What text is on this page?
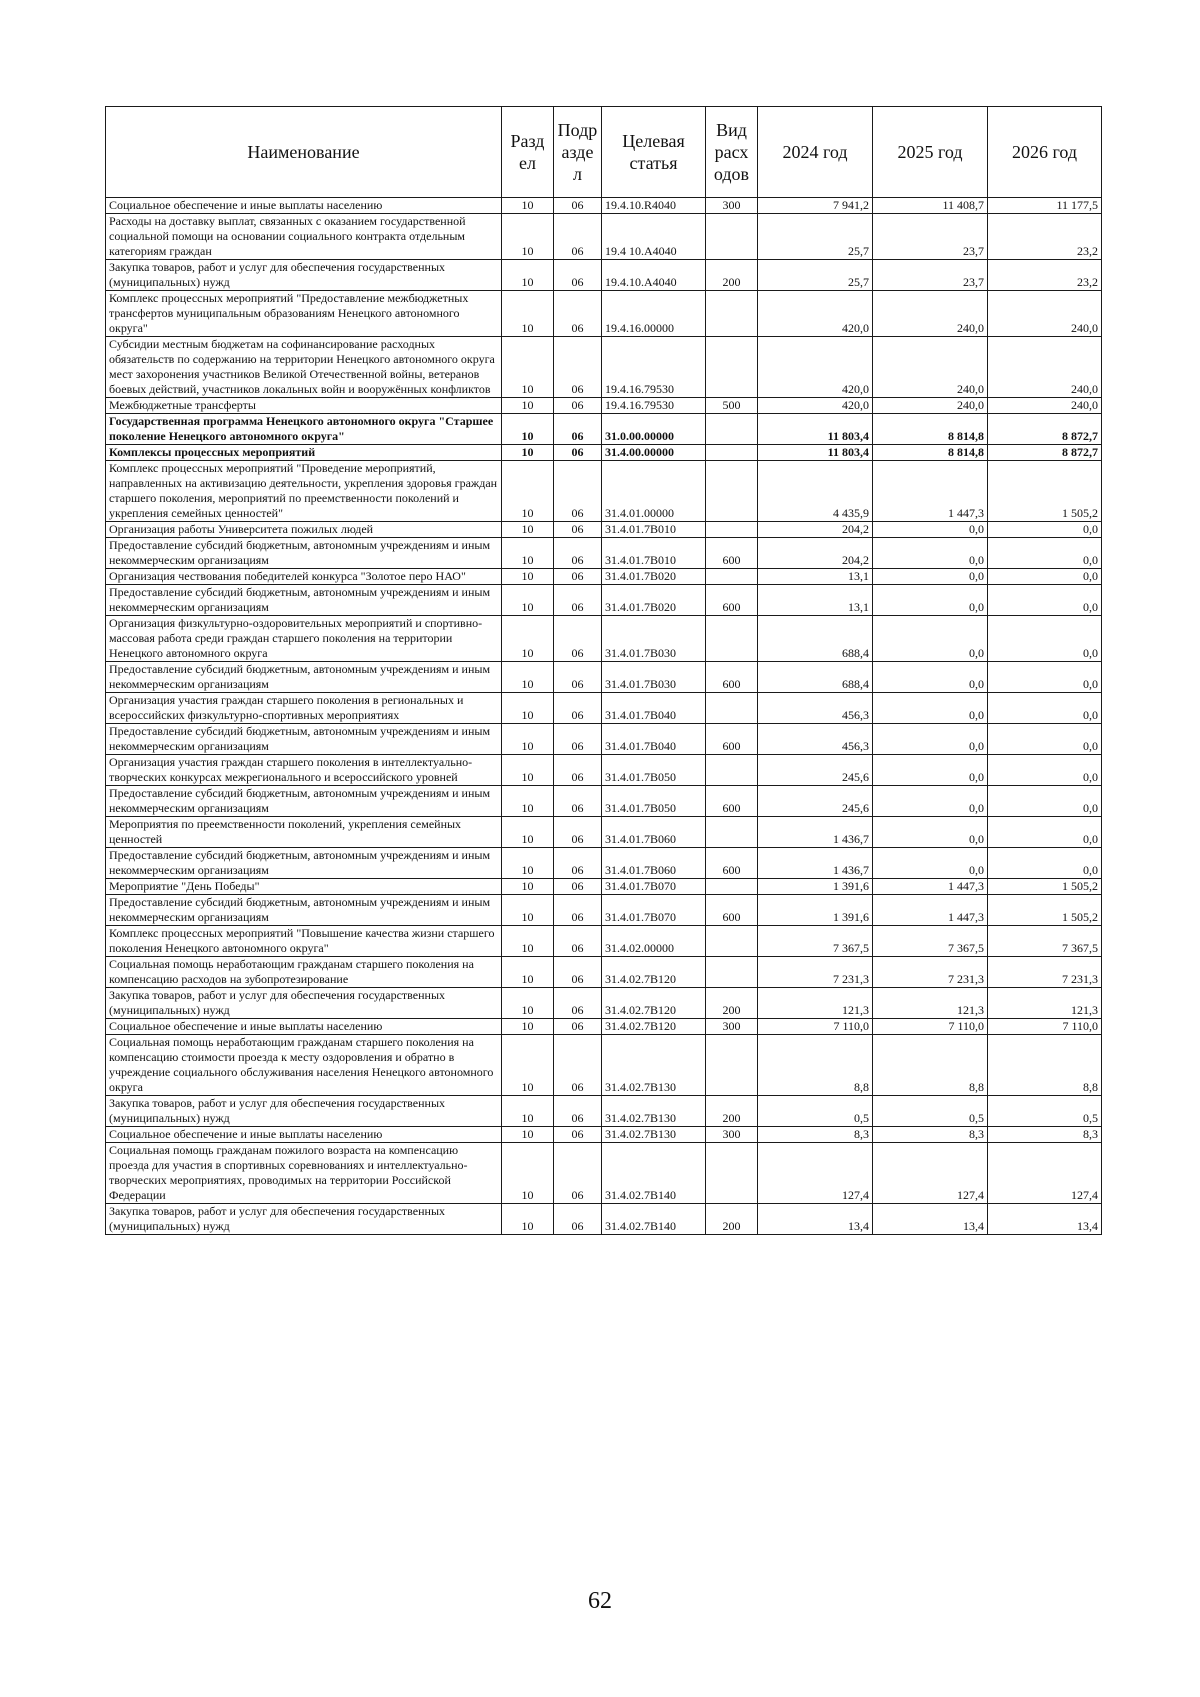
Наименование	Разд ел	Подр азде л	Целевая статья	Вид расх одов	2024 год	2025 год	2026 год
Социальное обеспечение и иные выплаты населению	10	06	19.4.10.R4040	300	7 941,2	11 408,7	11 177,5
Расходы на доставку выплат, связанных с оказанием государственной социальной помощи на основании социального контракта отдельным категориям граждан	10	06	19.4 10.A4040		25,7	23,7	23,2
Закупка товаров, работ и услуг для обеспечения государственных (муниципальных) нужд	10	06	19.4.10.A4040	200	25,7	23,7	23,2
Комплекс процессных мероприятий "Предоставление межбюджетных трансфертов муниципальным образованиям Ненецкого автономного округа"	10	06	19.4.16.00000		420,0	240,0	240,0
Субсидии местным бюджетам на софинансирование расходных обязательств по содержанию на территории Ненецкого автономного округа мест захоронения участников Великой Отечественной войны, ветеранов боевых действий, участников локальных войн и вооружённых конфликтов	10	06	19.4.16.79530		420,0	240,0	240,0
Межбюджетные трансферты	10	06	19.4.16.79530	500	420,0	240,0	240,0
Государственная программа Ненецкого автономного округа "Старшее поколение Ненецкого автономного округа"	10	06	31.0.00.00000		11 803,4	8 814,8	8 872,7
Комплексы процессных мероприятий	10	06	31.4.00.00000		11 803,4	8 814,8	8 872,7
Комплекс процессных мероприятий "Проведение мероприятий, направленных на активизацию деятельности, укрепления здоровья граждан старшего поколения, мероприятий по преемственности поколений и укрепления семейных ценностей"	10	06	31.4.01.00000		4 435,9	1 447,3	1 505,2
Организация работы Университета пожилых людей	10	06	31.4.01.7B010		204,2	0,0	0,0
Предоставление субсидий бюджетным, автономным учреждениям и иным некоммерческим организациям	10	06	31.4.01.7B010	600	204,2	0,0	0,0
Организация чествования победителей конкурса "Золотое перо НАО"	10	06	31.4.01.7B020		13,1	0,0	0,0
Предоставление субсидий бюджетным, автономным учреждениям и иным некоммерческим организациям	10	06	31.4.01.7B020	600	13,1	0,0	0,0
Организация физкультурно-оздоровительных мероприятий и спортивно-массовая работа среди граждан старшего поколения на территории Ненецкого автономного округа	10	06	31.4.01.7B030		688,4	0,0	0,0
Предоставление субсидий бюджетным, автономным учреждениям и иным некоммерческим организациям	10	06	31.4.01.7B030	600	688,4	0,0	0,0
Организация участия граждан старшего поколения в региональных и всероссийских физкультурно-спортивных мероприятиях	10	06	31.4.01.7B040		456,3	0,0	0,0
Предоставление субсидий бюджетным, автономным учреждениям и иным некоммерческим организациям	10	06	31.4.01.7B040	600	456,3	0,0	0,0
Организация участия граждан старшего поколения в интеллектуально-творческих конкурсах межрегионального и всероссийского уровней	10	06	31.4.01.7B050		245,6	0,0	0,0
Предоставление субсидий бюджетным, автономным учреждениям и иным некоммерческим организациям	10	06	31.4.01.7B050	600	245,6	0,0	0,0
Мероприятия по преемственности поколений, укрепления семейных ценностей	10	06	31.4.01.7B060		1 436,7	0,0	0,0
Предоставление субсидий бюджетным, автономным учреждениям и иным некоммерческим организациям	10	06	31.4.01.7B060	600	1 436,7	0,0	0,0
Мероприятие "День Победы"	10	06	31.4.01.7B070		1 391,6	1 447,3	1 505,2
Предоставление субсидий бюджетным, автономным учреждениям и иным некоммерческим организациям	10	06	31.4.01.7B070	600	1 391,6	1 447,3	1 505,2
Комплекс процессных мероприятий "Повышение качества жизни старшего поколения Ненецкого автономного округа"	10	06	31.4.02.00000		7 367,5	7 367,5	7 367,5
Социальная помощь неработающим гражданам старшего поколения на компенсацию расходов на зубопротезирование	10	06	31.4.02.7B120		7 231,3	7 231,3	7 231,3
Закупка товаров, работ и услуг для обеспечения государственных (муниципальных) нужд	10	06	31.4.02.7B120	200	121,3	121,3	121,3
Социальное обеспечение и иные выплаты населению	10	06	31.4.02.7B120	300	7 110,0	7 110,0	7 110,0
Социальная помощь неработающим гражданам старшего поколения на компенсацию стоимости проезда к месту оздоровления и обратно в учреждение социального обслуживания населения Ненецкого автономного округа	10	06	31.4.02.7B130		8,8	8,8	8,8
Закупка товаров, работ и услуг для обеспечения государственных (муниципальных) нужд	10	06	31.4.02.7B130	200	0,5	0,5	0,5
Социальное обеспечение и иные выплаты населению	10	06	31.4.02.7B130	300	8,3	8,3	8,3
Социальная помощь гражданам пожилого возраста на компенсацию проезда для участия в спортивных соревнованиях и интеллектуально-творческих мероприятиях, проводимых на территории Российской Федерации	10	06	31.4.02.7B140		127,4	127,4	127,4
Закупка товаров, работ и услуг для обеспечения государственных (муниципальных) нужд	10	06	31.4.02.7B140	200	13,4	13,4	13,4
62
